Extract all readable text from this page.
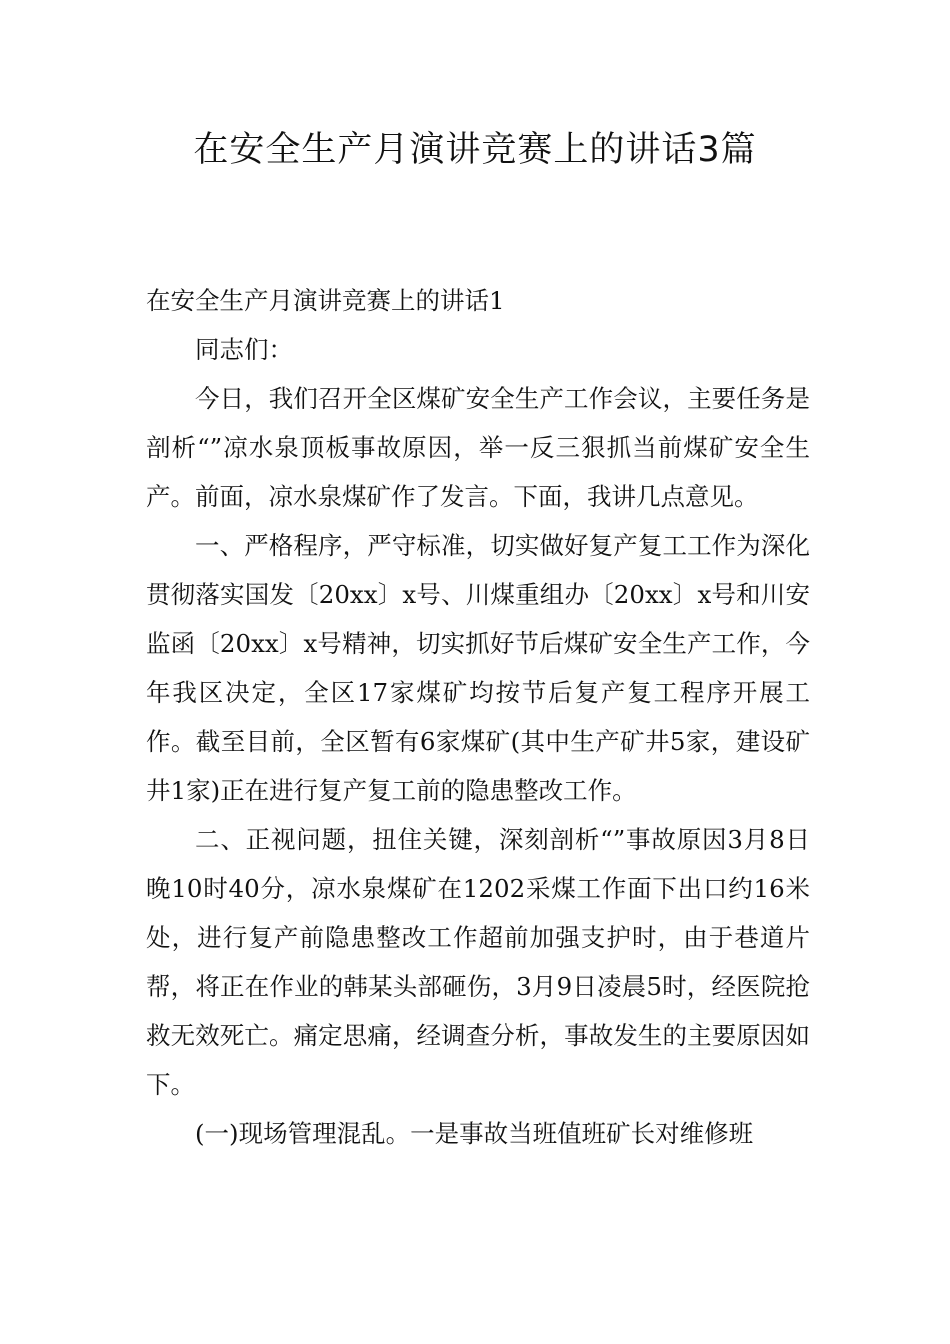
在安全生产月演讲竞赛上的讲话3篇

在安全生产月演讲竞赛上的讲话1

同志们：

今日，我们召开全区煤矿安全生产工作会议，主要任务是剖析“”凉水泉顶板事故原因，举一反三狠抓当前煤矿安全生产。前面，凉水泉煤矿作了发言。下面，我讲几点意见。

一、严格程序，严守标准，切实做好复产复工工作为深化贯彻落实国发〔20xx〕x号、川煤重组办〔20xx〕x号和川安监函〔20xx〕x号精神，切实抓好节后煤矿安全生产工作，今年我区决定，全区17家煤矿均按节后复产复工程序开展工作。截至目前，全区暂有6家煤矿(其中生产矿井5家，建设矿井1家)正在进行复产复工前的隐患整改工作。

二、正视问题，扭住关键，深刻剖析“”事故原因3月8日晚10时40分，凉水泉煤矿在1202采煤工作面下出口约16米处，进行复产前隐患整改工作超前加强支护时，由于巷道片帮，将正在作业的韩某头部砸伤，3月9日凌晨5时，经医院抢救无效死亡。痛定思痛，经调查分析，事故发生的主要原因如下。

(一)现场管理混乱。一是事故当班值班矿长对维修班
